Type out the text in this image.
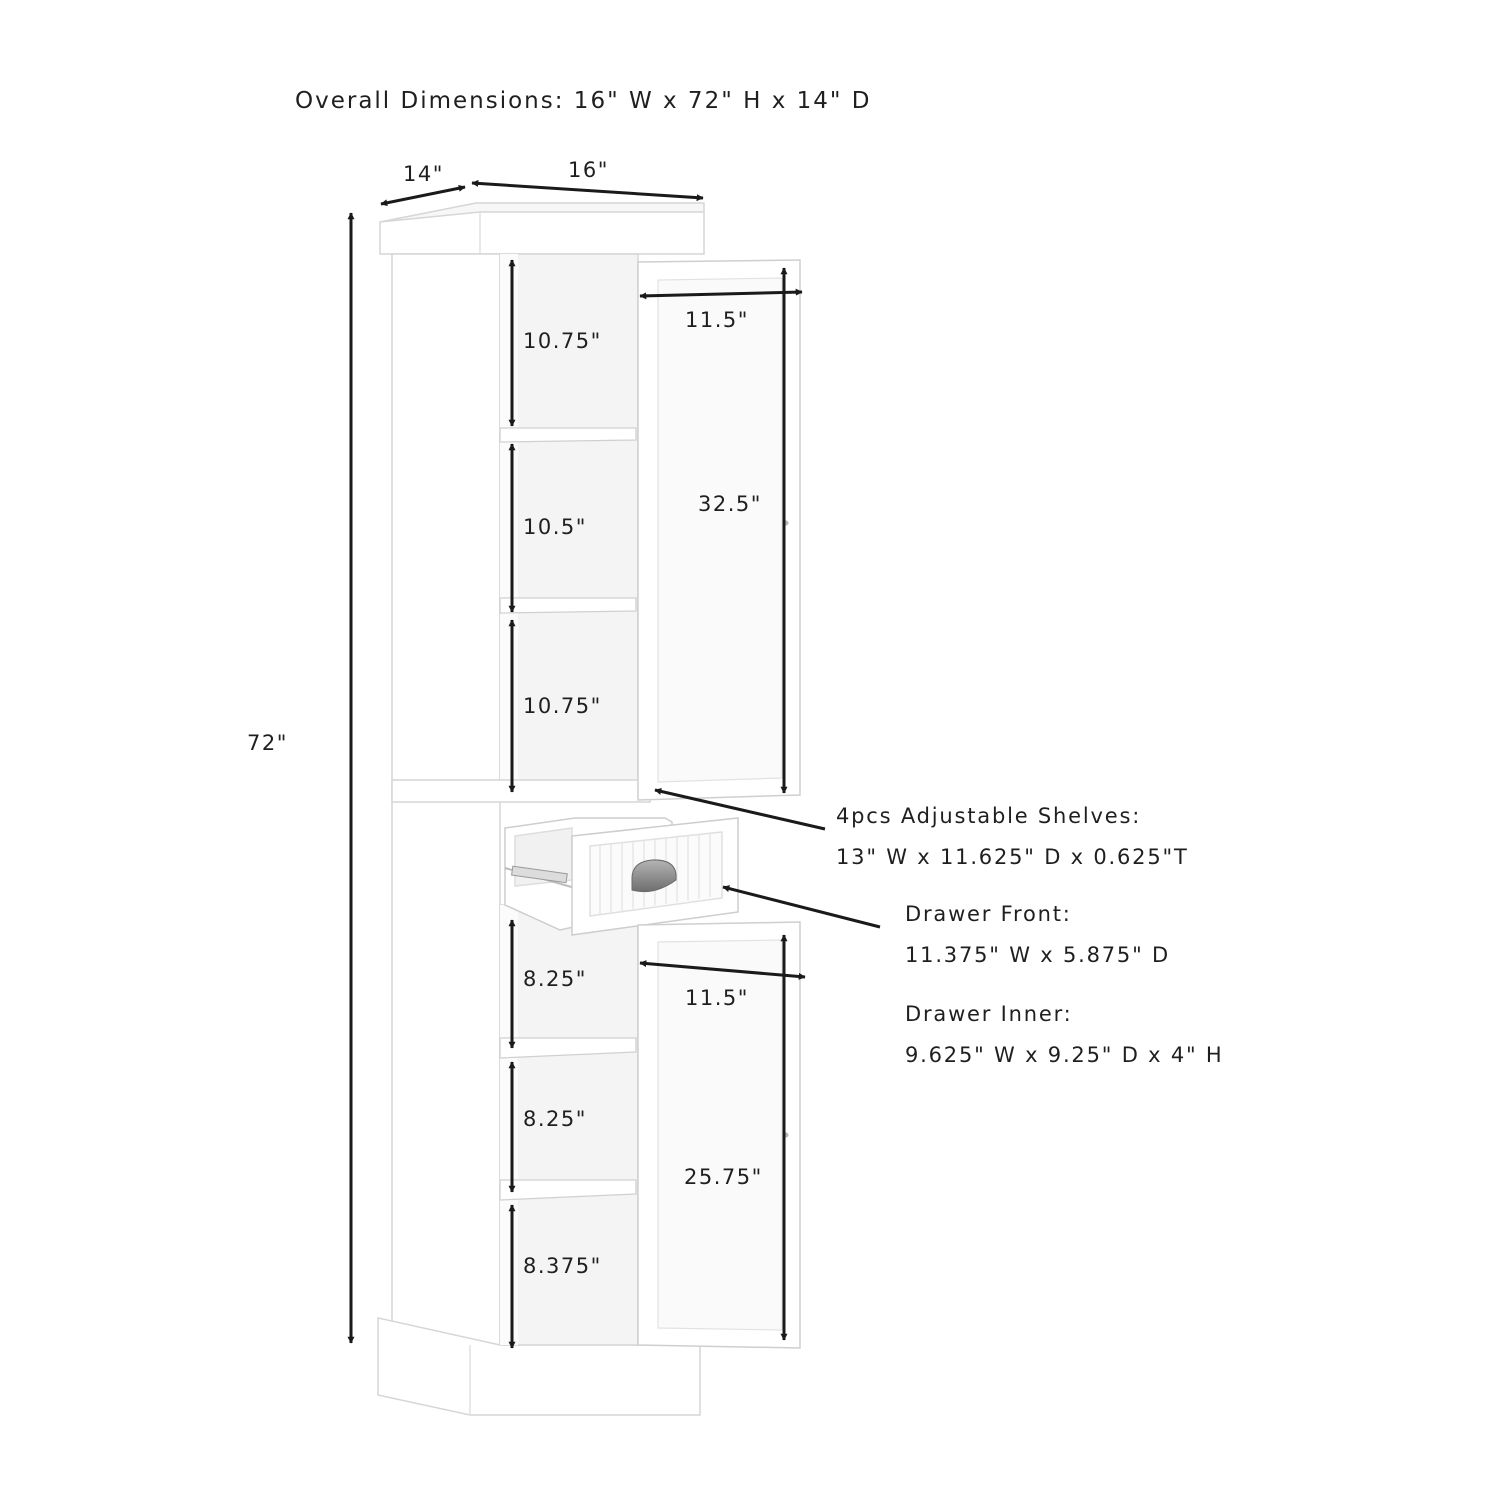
Overall Dimensions: 16" W x 72" H x 14" D
14"	16"
72"
10.75"
10.5"
10.75"
11.5"
32.5"
8.25"
8.25"
8.375"
11.5"
25.75"
4pcs Adjustable Shelves:
13" W x 11.625" D x 0.625"T
Drawer Front:
11.375" W x 5.875" D
Drawer Inner:
9.625" W x 9.25" D x 4" H
